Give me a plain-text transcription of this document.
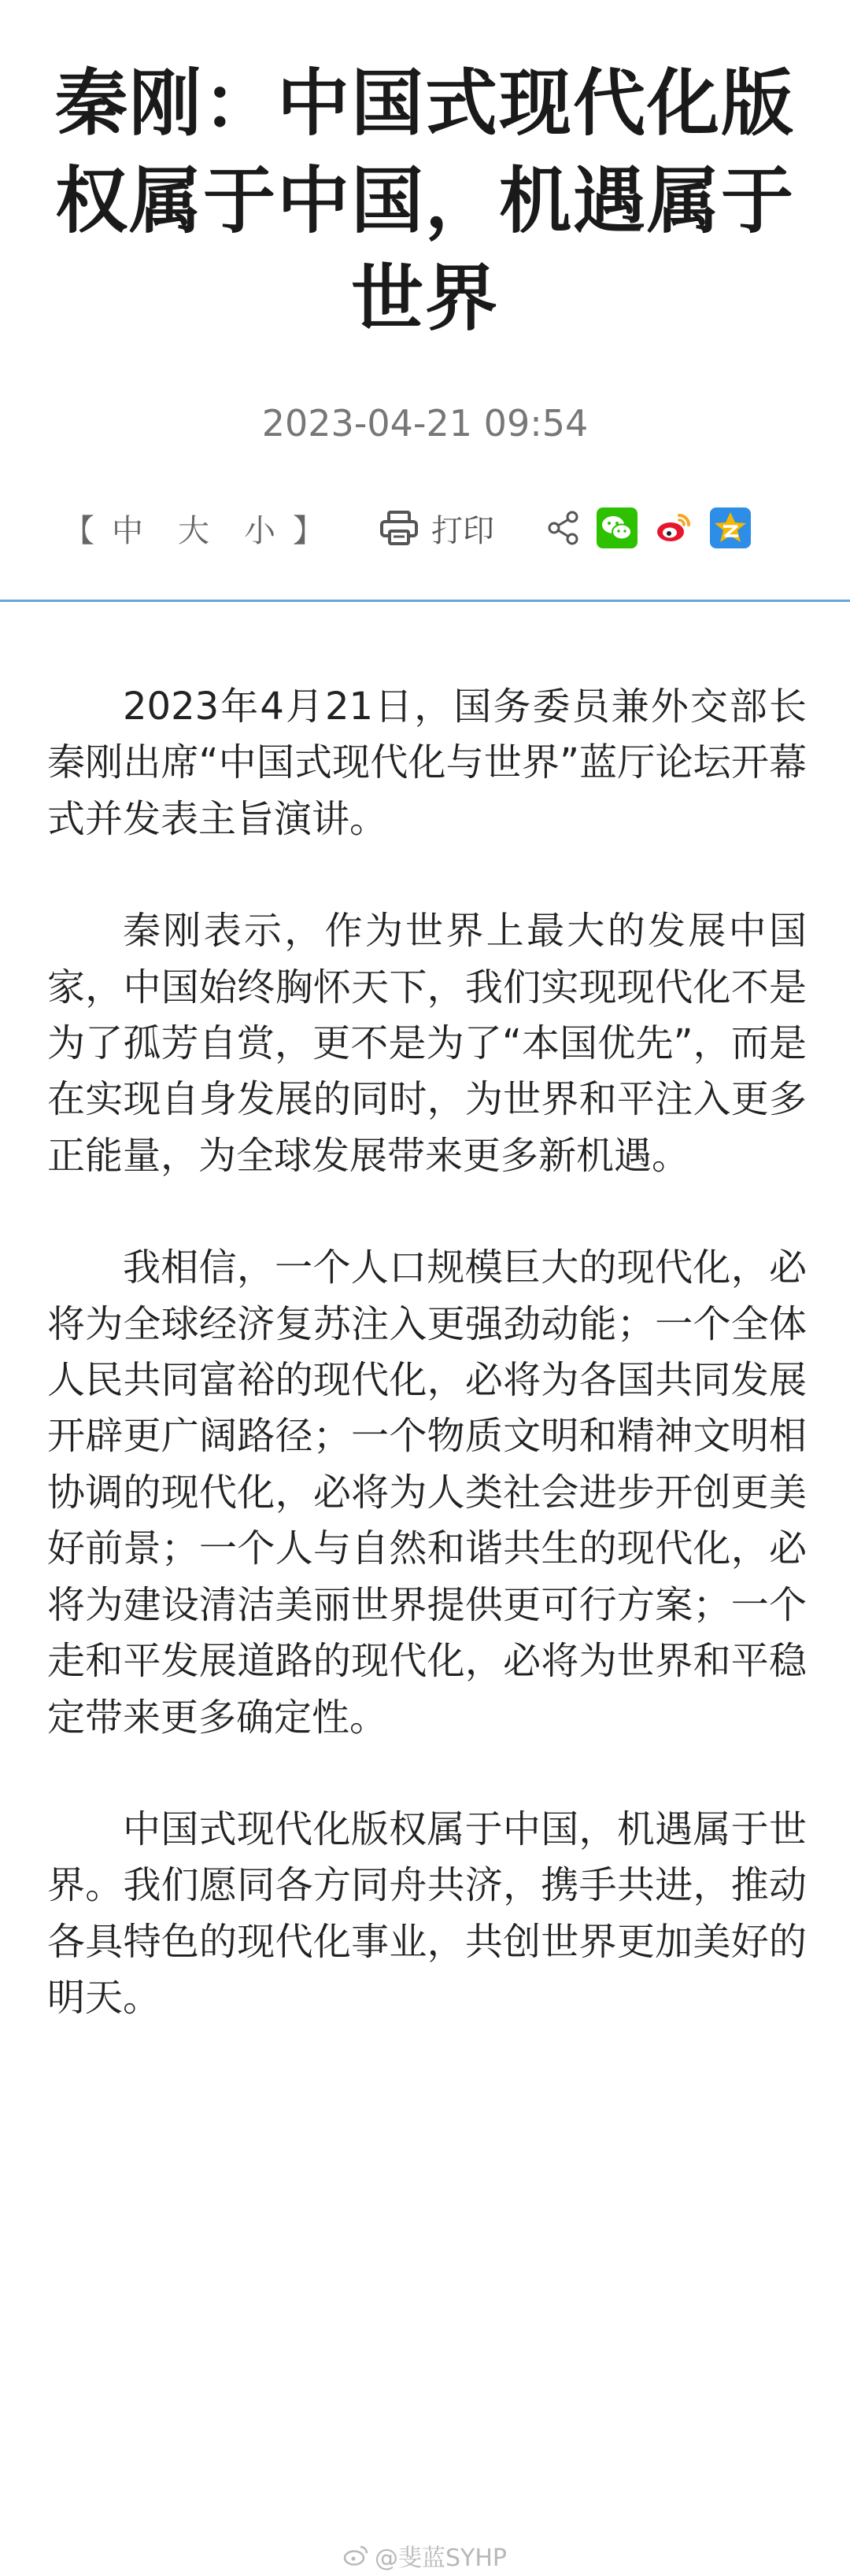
秦刚：中国式现代化版权属于中国，机遇属于世界
2023-04-21 09:54
【 中 大 小 】	打印

2023年4月21日，国务委员兼外交部长秦刚出席“中国式现代化与世界”蓝厅论坛开幕式并发表主旨演讲。

秦刚表示，作为世界上最大的发展中国家，中国始终胸怀天下，我们实现现代化不是为了孤芳自赏，更不是为了“本国优先”，而是在实现自身发展的同时，为世界和平注入更多正能量，为全球发展带来更多新机遇。

我相信，一个人口规模巨大的现代化，必将为全球经济复苏注入更强劲动能；一个全体人民共同富裕的现代化，必将为各国共同发展开辟更广阔路径；一个物质文明和精神文明相协调的现代化，必将为人类社会进步开创更美好前景；一个人与自然和谐共生的现代化，必将为建设清洁美丽世界提供更可行方案；一个走和平发展道路的现代化，必将为世界和平稳定带来更多确定性。

中国式现代化版权属于中国，机遇属于世界。我们愿同各方同舟共济，携手共进，推动各具特色的现代化事业，共创世界更加美好的明天。

@斐蓝SYHP
